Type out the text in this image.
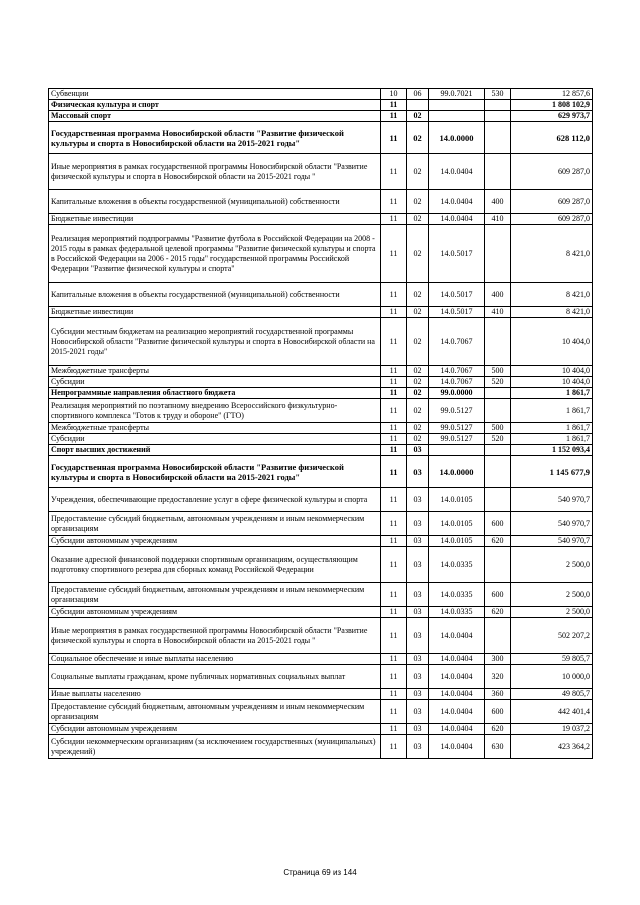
Субвенции	10	06	99.0.7021	530	12 857,6
Физическая культура и спорт	11				1 808 102,9
Массовый спорт	11	02			629 973,7
Государственная программа Новосибирской области "Развитие физической культуры и спорта в Новосибирской области на 2015-2021 годы"	11	02	14.0.0000		628 112,0
Иные мероприятия в рамках государственной программы Новосибирской области "Развитие физической культуры и спорта в Новосибирской области на 2015-2021 годы "	11	02	14.0.0404		609 287,0
Капитальные вложения в объекты государственной (муниципальной) собственности	11	02	14.0.0404	400	609 287,0
Бюджетные инвестиции	11	02	14.0.0404	410	609 287,0
Реализация мероприятий подпрограммы "Развитие футбола в Российской Федерации на 2008 - 2015 годы в рамках федеральной целевой программы "Развитие физической культуры и спорта в Российской Федерации на 2006 - 2015 годы" государственной программы Российской Федерации "Развитие физической культуры и спорта"	11	02	14.0.5017		8 421,0
Капитальные вложения в объекты государственной (муниципальной) собственности	11	02	14.0.5017	400	8 421,0
Бюджетные инвестиции	11	02	14.0.5017	410	8 421,0
Субсидии местным бюджетам на реализацию мероприятий государственной программы Новосибирской области "Развитие физической культуры и спорта в Новосибирской области на 2015-2021 годы"	11	02	14.0.7067		10 404,0
Межбюджетные трансферты	11	02	14.0.7067	500	10 404,0
Субсидии	11	02	14.0.7067	520	10 404,0
Непрограммные направления областного бюджета	11	02	99.0.0000		1 861,7
Реализация мероприятий по поэтапному внедрению Всероссийского физкультурно-спортивного комплекса "Готов к труду и обороне" (ГТО)	11	02	99.0.5127		1 861,7
Межбюджетные трансферты	11	02	99.0.5127	500	1 861,7
Субсидии	11	02	99.0.5127	520	1 861,7
Спорт высших достижений	11	03			1 152 093,4
Государственная программа Новосибирской области "Развитие физической культуры и спорта в Новосибирской области на 2015-2021 годы"	11	03	14.0.0000		1 145 677,9
Учреждения, обеспечивающие предоставление услуг в сфере физической культуры и спорта	11	03	14.0.0105		540 970,7
Предоставление субсидий бюджетным, автономным учреждениям и иным некоммерческим организациям	11	03	14.0.0105	600	540 970,7
Субсидии автономным учреждениям	11	03	14.0.0105	620	540 970,7
Оказание адресной финансовой поддержки спортивным организациям, осуществляющим подготовку спортивного резерва для сборных команд Российской Федерации	11	03	14.0.0335		2 500,0
Предоставление субсидий бюджетным, автономным учреждениям и иным некоммерческим организациям	11	03	14.0.0335	600	2 500,0
Субсидии автономным учреждениям	11	03	14.0.0335	620	2 500,0
Иные мероприятия в рамках государственной программы Новосибирской области "Развитие физической культуры и спорта в Новосибирской области на 2015-2021 годы "	11	03	14.0.0404		502 207,2
Социальное обеспечение и иные выплаты населению	11	03	14.0.0404	300	59 805,7
Социальные выплаты гражданам, кроме публичных нормативных социальных выплат	11	03	14.0.0404	320	10 000,0
Иные выплаты населению	11	03	14.0.0404	360	49 805,7
Предоставление субсидий бюджетным, автономным учреждениям и иным некоммерческим организациям	11	03	14.0.0404	600	442 401,4
Субсидии автономным учреждениям	11	03	14.0.0404	620	19 037,2
Субсидии некоммерческим организациям (за исключением государственных (муниципальных) учреждений)	11	03	14.0.0404	630	423 364,2
Страница 69 из 144
